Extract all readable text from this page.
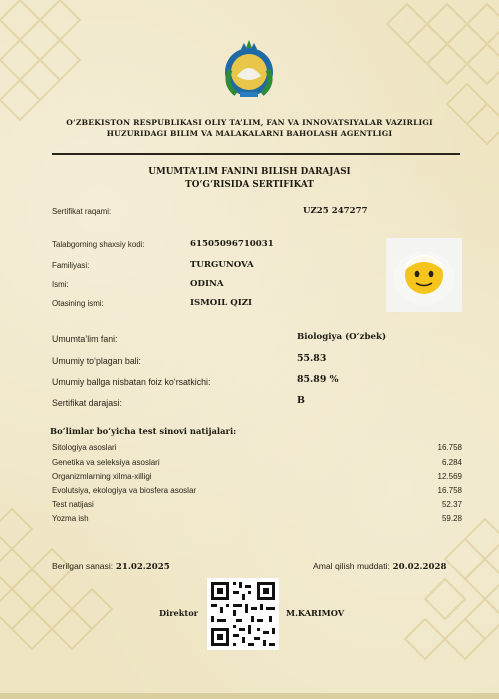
O‘ZBEKISTON RESPUBLIKASI OLIY TA’LIM, FAN VA INNOVATSIYALAR VAZIRLIGI
HUZURIDAGI BILIM VA MALAKALARNI BAHOLASH AGENTLIGI
UMUMTA’LIM FANINI BILISH DARAJASI
TO‘G‘RISIDA SERTIFIKAT
Sertifikat raqami:	UZ25 247277
Talabgorning shaxsiy kodi:	61505096710031
Familiyasi:	TURGUNOVA
Ismi:	ODINA
Otasining ismi:	ISMOIL QIZI
Umumta’lim fani:	Biologiya (O‘zbek)
Umumiy to‘plagan bali:	55.83
Umumiy ballga nisbatan foiz ko‘rsatkichi:	85.89 %
Sertifikat darajasi:	B
Bo‘limlar bo‘yicha test sinovi natijalari:
Sitologiya asoslari	16.758
Genetika va seleksiya asoslari	6.284
Organizmlarning xilma-xilligi	12.569
Evolutsiya, ekologiya va biosfera asoslar	16.758
Test natijasi	52.37
Yozma ish	59.28
Berilgan sanasi: 21.02.2025	Amal qilish muddati: 20.02.2028
Direktor	M.KARIMOV
